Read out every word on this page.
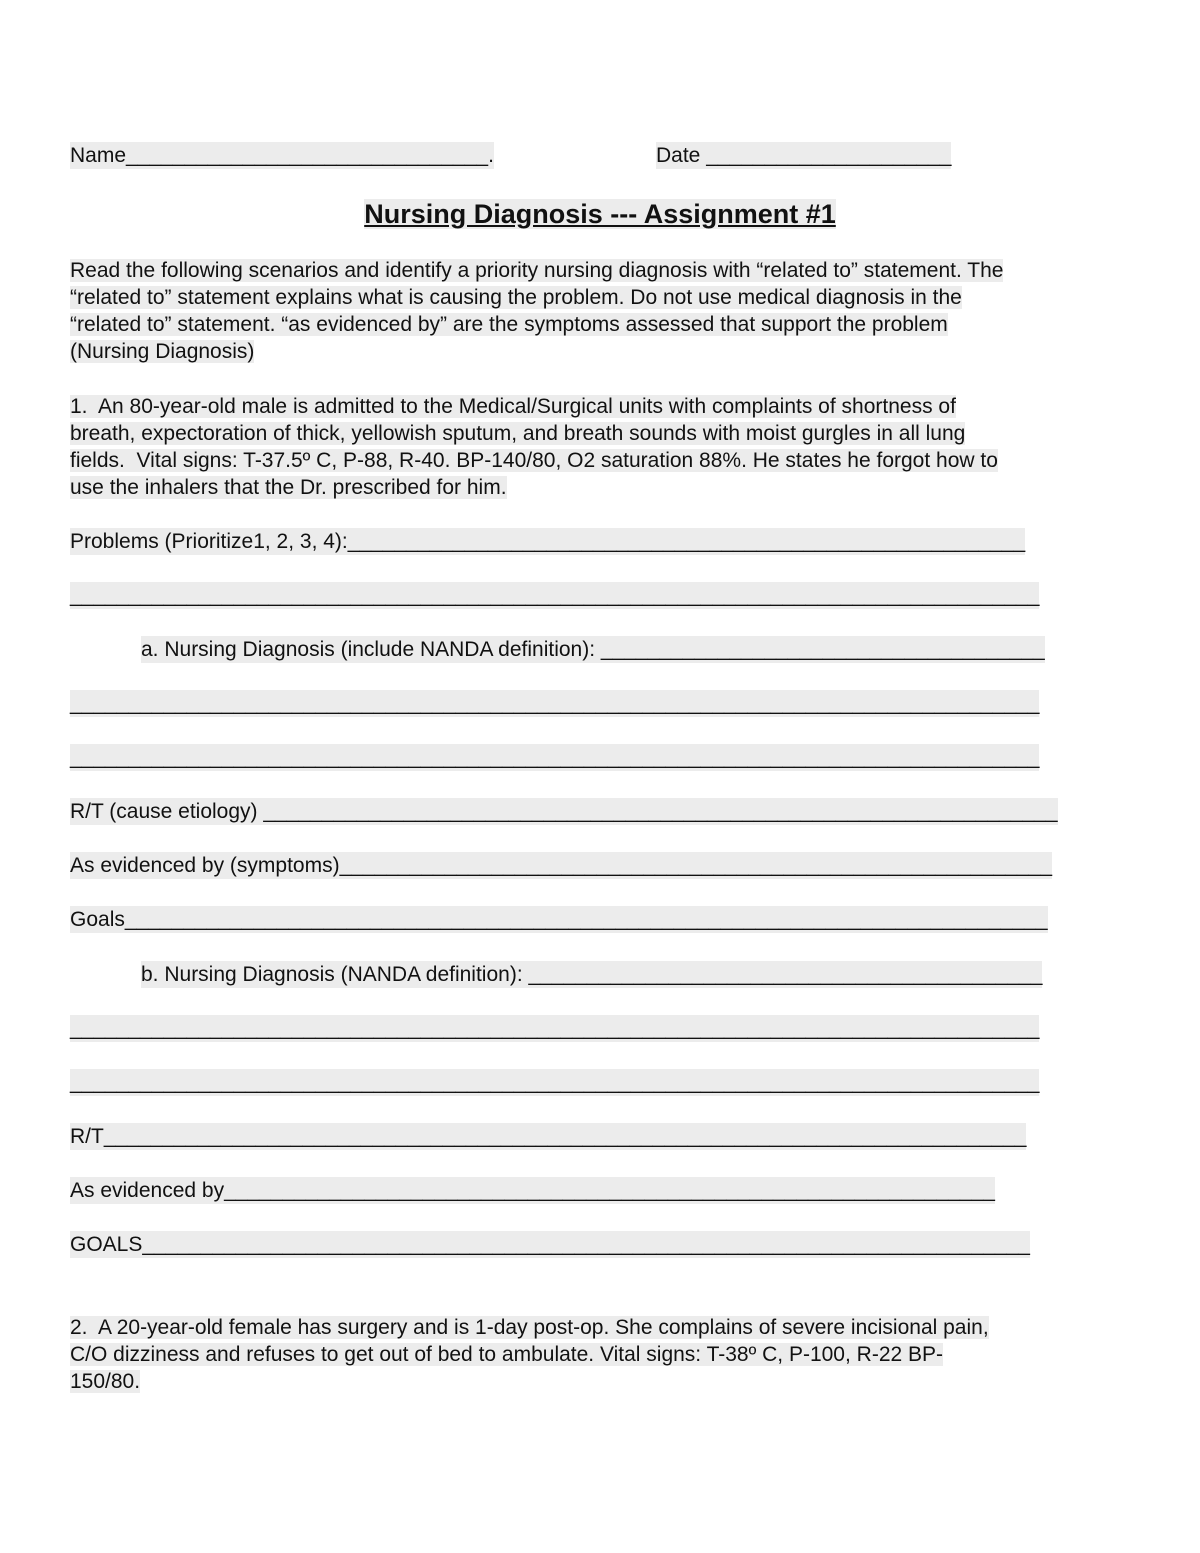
Name_______________________________.	Date _____________________
Nursing Diagnosis --- Assignment #1
Read the following scenarios and identify a priority nursing diagnosis with “related to” statement. The
“related to” statement explains what is causing the problem. Do not use medical diagnosis in the
“related to” statement. “as evidenced by” are the symptoms assessed that support the problem
(Nursing Diagnosis)
1.  An 80-year-old male is admitted to the Medical/Surgical units with complaints of shortness of
breath, expectoration of thick, yellowish sputum, and breath sounds with moist gurgles in all lung
fields.  Vital signs: T-37.5º C, P-88, R-40. BP-140/80, O2 saturation 88%. He states he forgot how to
use the inhalers that the Dr. prescribed for him.
Problems (Prioritize1, 2, 3, 4):__________________________________________________________
___________________________________________________________________________________
a. Nursing Diagnosis (include NANDA definition): ______________________________________
___________________________________________________________________________________
___________________________________________________________________________________
R/T (cause etiology) ____________________________________________________________________
As evidenced by (symptoms)_____________________________________________________________
Goals_______________________________________________________________________________
b. Nursing Diagnosis (NANDA definition): ____________________________________________
___________________________________________________________________________________
___________________________________________________________________________________
R/T_______________________________________________________________________________
As evidenced by__________________________________________________________________
GOALS____________________________________________________________________________
2.  A 20-year-old female has surgery and is 1-day post-op. She complains of severe incisional pain,
C/O dizziness and refuses to get out of bed to ambulate. Vital signs: T-38º C, P-100, R-22 BP-
150/80.
